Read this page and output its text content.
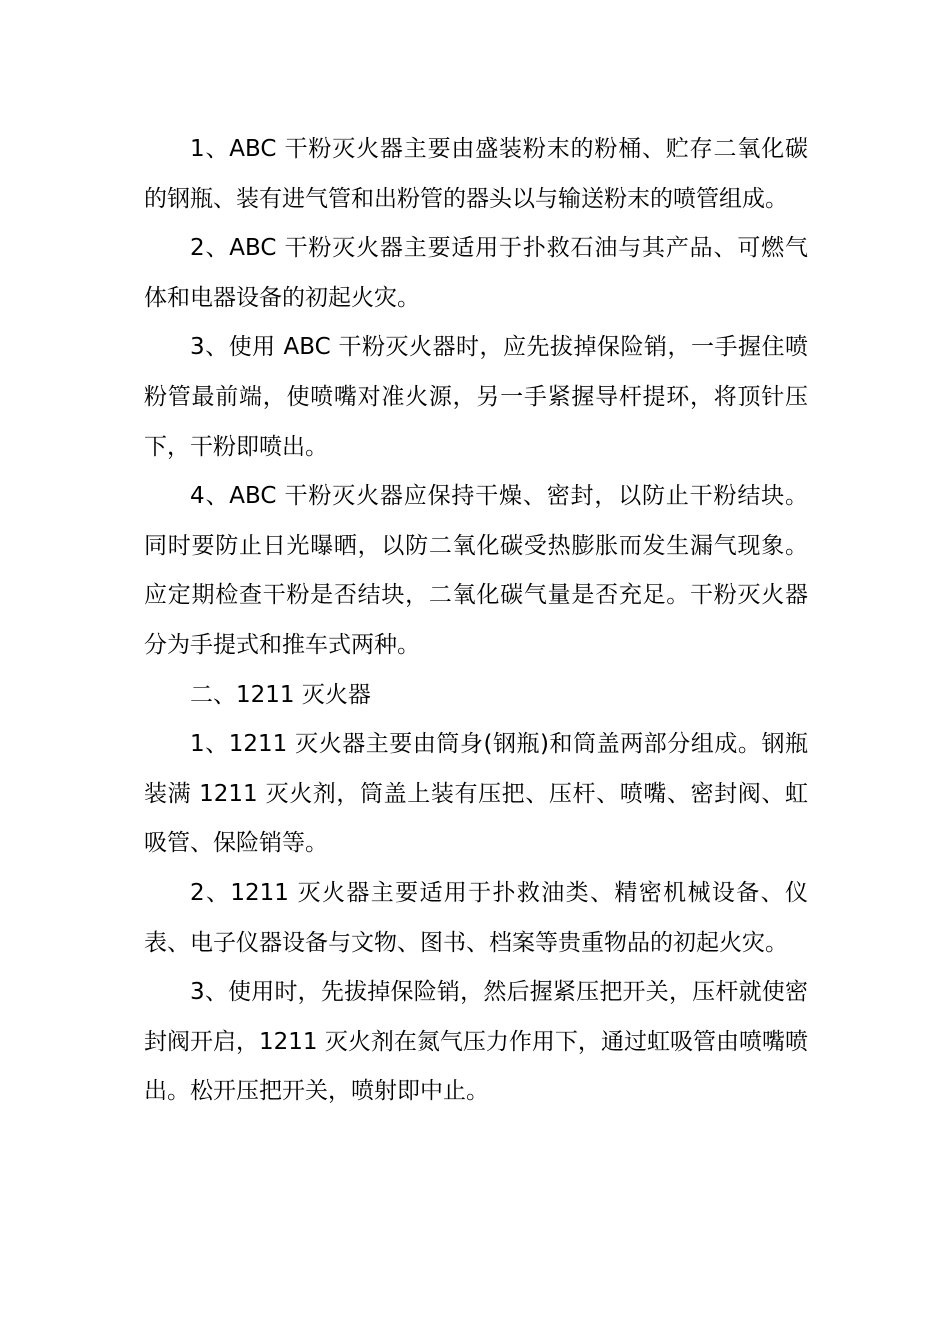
1、ABC 干粉灭火器主要由盛装粉末的粉桶、贮存二氧化碳的钢瓶、装有进气管和出粉管的器头以与输送粉末的喷管组成。

2、ABC 干粉灭火器主要适用于扑救石油与其产品、可燃气体和电器设备的初起火灾。

3、使用 ABC 干粉灭火器时，应先拔掉保险销，一手握住喷粉管最前端，使喷嘴对准火源，另一手紧握导杆提环，将顶针压下，干粉即喷出。

4、ABC 干粉灭火器应保持干燥、密封，以防止干粉结块。同时要防止日光曝晒，以防二氧化碳受热膨胀而发生漏气现象。应定期检查干粉是否结块，二氧化碳气量是否充足。干粉灭火器分为手提式和推车式两种。

二、1211 灭火器

1、1211 灭火器主要由筒身(钢瓶)和筒盖两部分组成。钢瓶装满 1211 灭火剂，筒盖上装有压把、压杆、喷嘴、密封阀、虹吸管、保险销等。

2、1211 灭火器主要适用于扑救油类、精密机械设备、仪表、电子仪器设备与文物、图书、档案等贵重物品的初起火灾。

3、使用时，先拔掉保险销，然后握紧压把开关，压杆就使密封阀开启，1211 灭火剂在氮气压力作用下，通过虹吸管由喷嘴喷出。松开压把开关，喷射即中止。
